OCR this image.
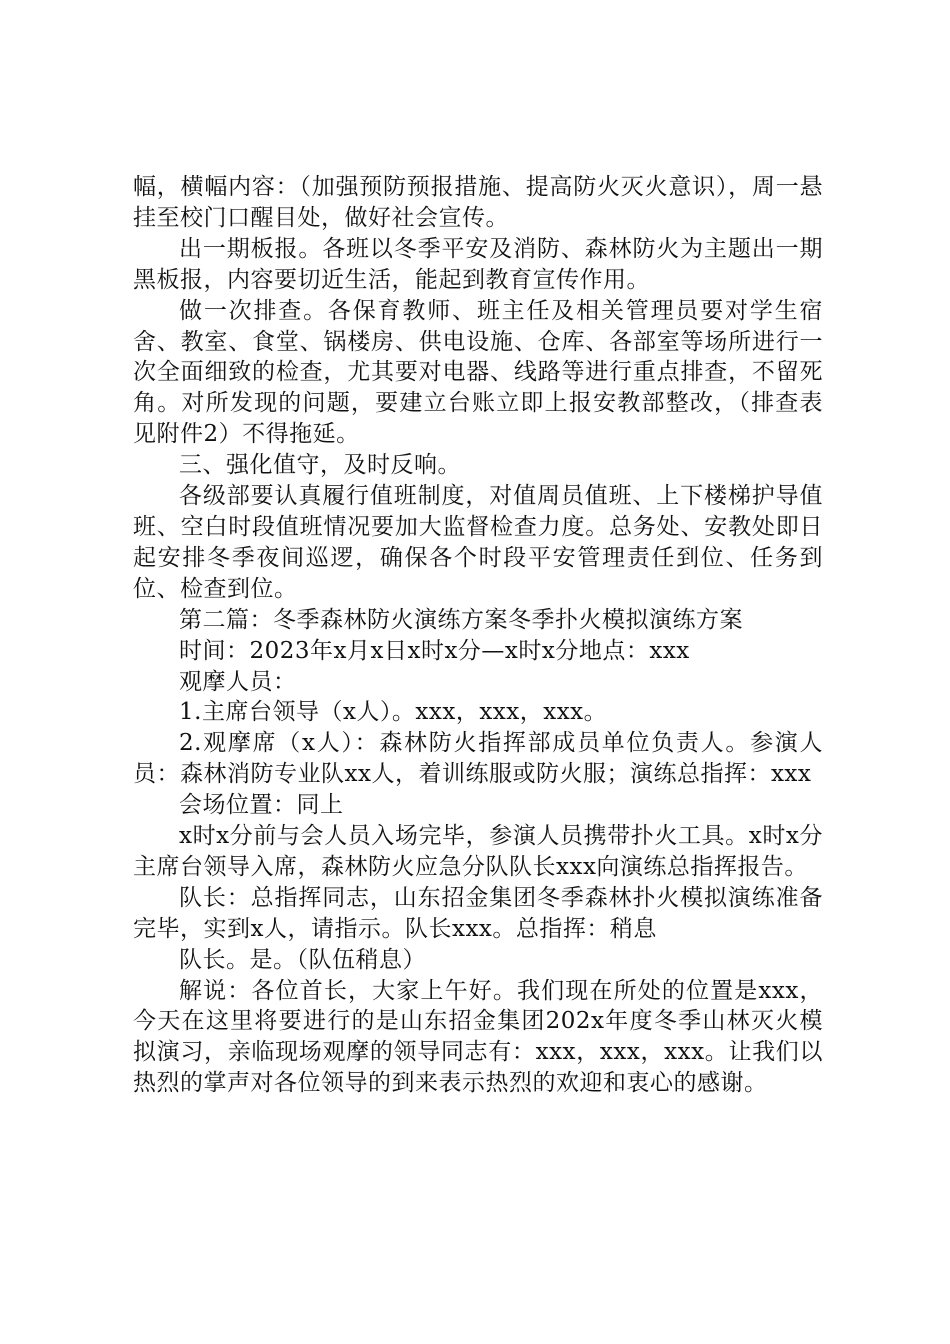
幅，横幅内容：（加强预防预报措施、提高防火灭火意识），周一悬挂至校门口醒目处，做好社会宣传。

出一期板报。各班以冬季平安及消防、森林防火为主题出一期黑板报，内容要切近生活，能起到教育宣传作用。

做一次排查。各保育教师、班主任及相关管理员要对学生宿舍、教室、食堂、锅楼房、供电设施、仓库、各部室等场所进行一次全面细致的检查，尤其要对电器、线路等进行重点排查，不留死角。对所发现的问题，要建立台账立即上报安教部整改，（排查表见附件2）不得拖延。

三、强化值守，及时反响。

各级部要认真履行值班制度，对值周员值班、上下楼梯护导值班、空白时段值班情况要加大监督检查力度。总务处、安教处即日起安排冬季夜间巡逻，确保各个时段平安管理责任到位、任务到位、检查到位。

第二篇：冬季森林防火演练方案冬季扑火模拟演练方案

时间：2023年x月x日x时x分—x时x分地点：xxx

观摩人员：

1.主席台领导（x人）。xxx，xxx，xxx。

2.观摩席（x人）：森林防火指挥部成员单位负责人。参演人员：森林消防专业队xx人，着训练服或防火服；演练总指挥：xxx

会场位置：同上

x时x分前与会人员入场完毕，参演人员携带扑火工具。x时x分主席台领导入席，森林防火应急分队队长xxx向演练总指挥报告。

队长：总指挥同志，山东招金集团冬季森林扑火模拟演练准备完毕，实到x人，请指示。队长xxx。总指挥：稍息

队长。是。（队伍稍息）

解说：各位首长，大家上午好。我们现在所处的位置是xxx，今天在这里将要进行的是山东招金集团202x年度冬季山林灭火模拟演习，亲临现场观摩的领导同志有：xxx，xxx，xxx。让我们以热烈的掌声对各位领导的到来表示热烈的欢迎和衷心的感谢。
